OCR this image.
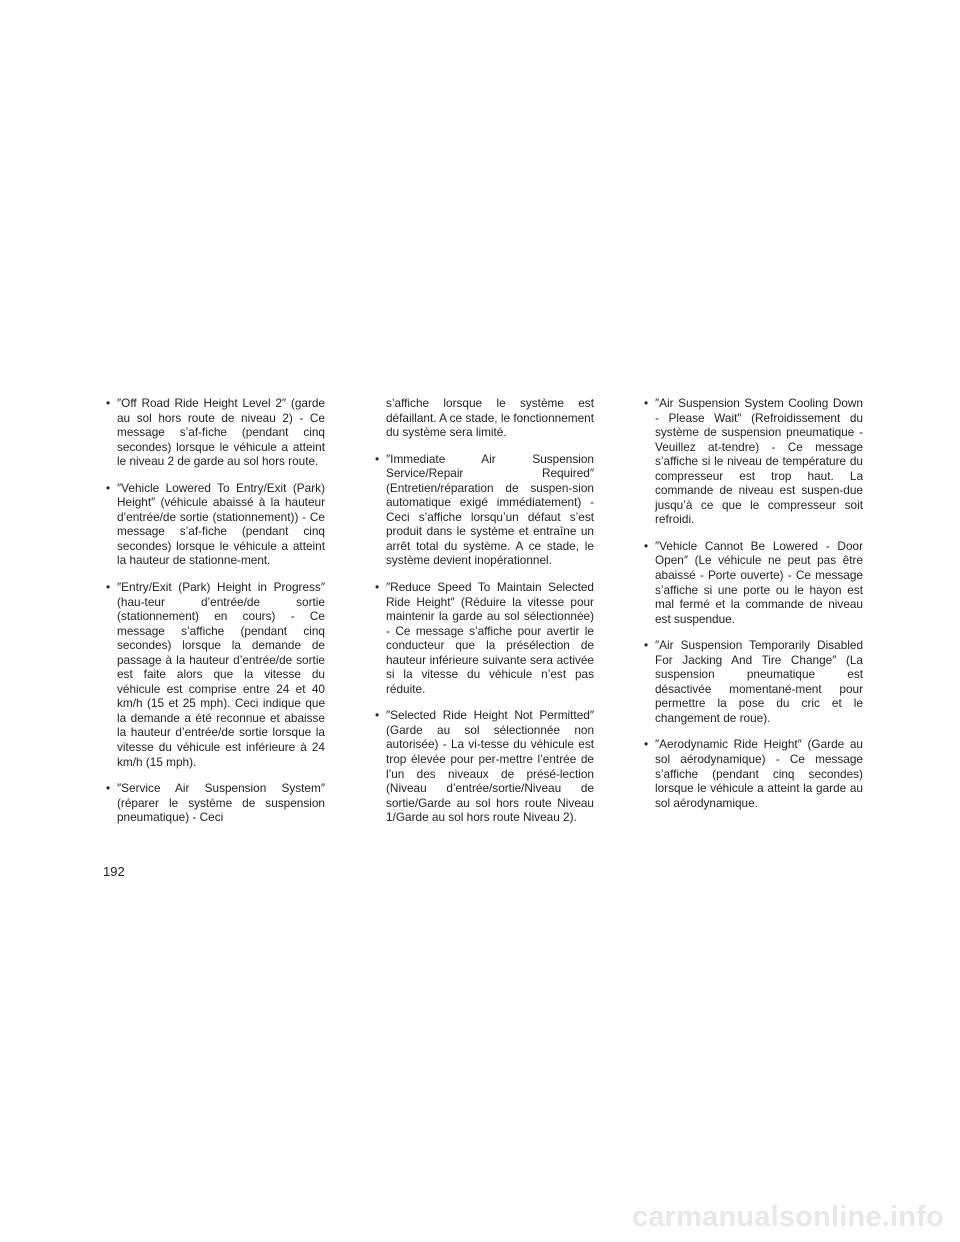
• ″Off Road Ride Height Level 2″ (garde au sol hors route de niveau 2) - Ce message s’af-fiche (pendant cinq secondes) lorsque le véhicule a atteint le niveau 2 de garde au sol hors route.
• ″Vehicle Lowered To Entry/Exit (Park) Height″ (véhicule abaissé à la hauteur d’entrée/de sortie (stationnement)) - Ce message s’af-fiche (pendant cinq secondes) lorsque le véhicule a atteint la hauteur de stationne-ment.
• ″Entry/Exit (Park) Height in Progress″ (hau-teur d’entrée/de sortie (stationnement) en cours) - Ce message s’affiche (pendant cinq secondes) lorsque la demande de passage à la hauteur d’entrée/de sortie est faite alors que la vitesse du véhicule est comprise entre 24 et 40 km/h (15 et 25 mph). Ceci indique que la demande a été reconnue et abaisse la hauteur d’entrée/de sortie lorsque la vitesse du véhicule est inférieure à 24 km/h (15 mph).
• ″Service Air Suspension System″ (réparer le système de suspension pneumatique) - Ceci
s’affiche lorsque le système est défaillant. A ce stade, le fonctionnement du système sera limité.
• ″Immediate Air Suspension Service/Repair Required″ (Entretien/réparation de suspen-sion automatique exigé immédiatement) - Ceci s’affiche lorsqu’un défaut s’est produit dans le système et entraîne un arrêt total du système. A ce stade, le système devient inopérationnel.
• ″Reduce Speed To Maintain Selected Ride Height″ (Réduire la vitesse pour maintenir la garde au sol sélectionnée) - Ce message s’affiche pour avertir le conducteur que la présélection de hauteur inférieure suivante sera activée si la vitesse du véhicule n’est pas réduite.
• ″Selected Ride Height Not Permitted″ (Garde au sol sélectionnée non autorisée) - La vi-tesse du véhicule est trop élevée pour per-mettre l’entrée de l’un des niveaux de présé-lection (Niveau d’entrée/sortie/Niveau de sortie/Garde au sol hors route Niveau 1/Garde au sol hors route Niveau 2).
• ″Air Suspension System Cooling Down - Please Wait″ (Refroidissement du système de suspension pneumatique - Veuillez at-tendre) - Ce message s’affiche si le niveau de température du compresseur est trop haut. La commande de niveau est suspen-due jusqu’à ce que le compresseur soit refroidi.
• ″Vehicle Cannot Be Lowered - Door Open″ (Le véhicule ne peut pas être abaissé - Porte ouverte) - Ce message s’affiche si une porte ou le hayon est mal fermé et la commande de niveau est suspendue.
• ″Air Suspension Temporarily Disabled For Jacking And Tire Change″ (La suspension pneumatique est désactivée momentané-ment pour permettre la pose du cric et le changement de roue).
• ″Aerodynamic Ride Height″ (Garde au sol aérodynamique) - Ce message s’affiche (pendant cinq secondes) lorsque le véhicule a atteint la garde au sol aérodynamique.
192
carmanualsonline.info
